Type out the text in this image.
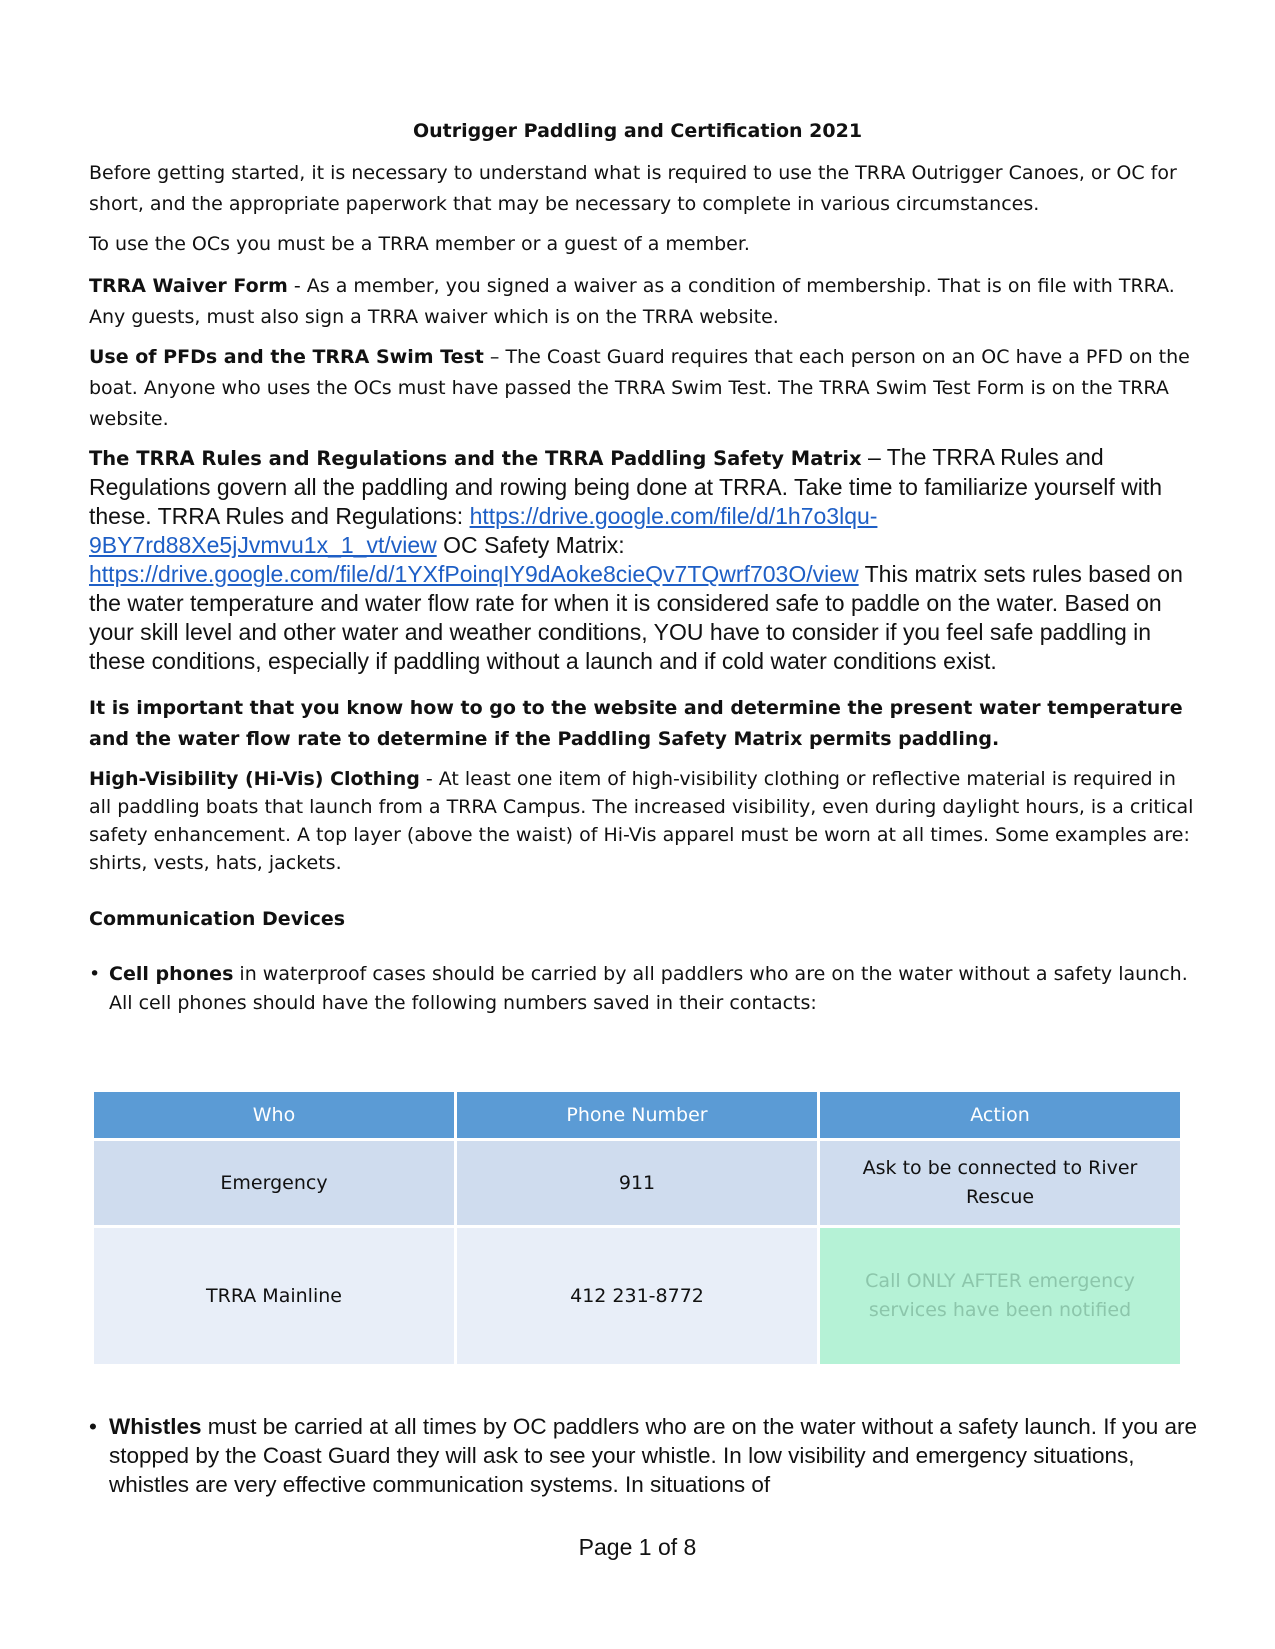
Outrigger Paddling and Certification 2021

Before getting started, it is necessary to understand what is required to use the TRRA Outrigger Canoes, or OC for short, and the appropriate paperwork that may be necessary to complete in various circumstances.

To use the OCs you must be a TRRA member or a guest of a member.

TRRA Waiver Form - As a member, you signed a waiver as a condition of membership. That is on file with TRRA. Any guests, must also sign a TRRA waiver which is on the TRRA website.

Use of PFDs and the TRRA Swim Test – The Coast Guard requires that each person on an OC have a PFD on the boat. Anyone who uses the OCs must have passed the TRRA Swim Test. The TRRA Swim Test Form is on the TRRA website.

The TRRA Rules and Regulations and the TRRA Paddling Safety Matrix – The TRRA Rules and Regulations govern all the paddling and rowing being done at TRRA. Take time to familiarize yourself with these. TRRA Rules and Regulations: https://drive.google.com/file/d/1h7o3lqu-9BY7rd88Xe5jJvmvu1x_1_vt/view OC Safety Matrix: https://drive.google.com/file/d/1YXfPoinqIY9dAoke8cieQv7TQwrf703O/view This matrix sets rules based on the water temperature and water flow rate for when it is considered safe to paddle on the water. Based on your skill level and other water and weather conditions, YOU have to consider if you feel safe paddling in these conditions, especially if paddling without a launch and if cold water conditions exist.

It is important that you know how to go to the website and determine the present water temperature and the water flow rate to determine if the Paddling Safety Matrix permits paddling.

High-Visibility (Hi-Vis) Clothing - At least one item of high-visibility clothing or reflective material is required in all paddling boats that launch from a TRRA Campus. The increased visibility, even during daylight hours, is a critical safety enhancement. A top layer (above the waist) of Hi-Vis apparel must be worn at all times. Some examples are: shirts, vests, hats, jackets.

Communication Devices

• Cell phones in waterproof cases should be carried by all paddlers who are on the water without a safety launch. All cell phones should have the following numbers saved in their contacts:
Who	Phone Number	Action
Emergency	911	Ask to be connected to River Rescue

TRRA Mainline	412 231-8772	Call ONLY AFTER emergency services have been notified
• Whistles must be carried at all times by OC paddlers who are on the water without a safety launch. If you are stopped by the Coast Guard they will ask to see your whistle. In low visibility and emergency situations, whistles are very effective communication systems. In situations of
Page 1 of 8
